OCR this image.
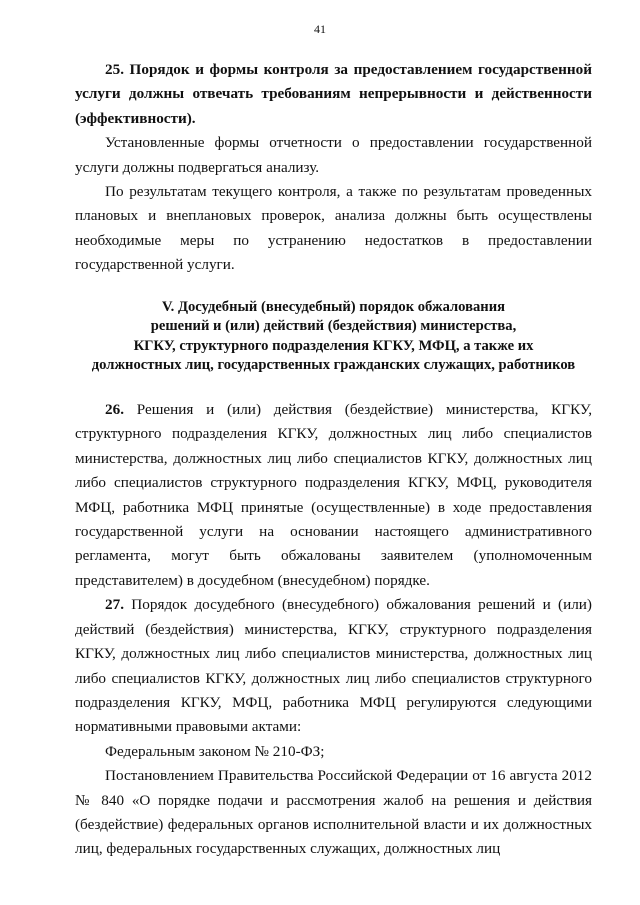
41

25. Порядок и формы контроля за предоставлением государственной услуги должны отвечать требованиям непрерывности и действенности (эффективности).

Установленные формы отчетности о предоставлении государственной услуги должны подвергаться анализу.

По результатам текущего контроля, а также по результатам проведенных плановых и внеплановых проверок, анализа должны быть осуществлены необходимые меры по устранению недостатков в предоставлении государственной услуги.

V. Досудебный (внесудебный) порядок обжалования
решений и (или) действий (бездействия) министерства,
КГКУ, структурного подразделения КГКУ, МФЦ, а также их
должностных лиц, государственных гражданских служащих, работников

26. Решения и (или) действия (бездействие) министерства, КГКУ, структурного подразделения КГКУ, должностных лиц либо специалистов министерства, должностных лиц либо специалистов КГКУ, должностных лиц либо специалистов структурного подразделения КГКУ, МФЦ, руководителя МФЦ, работника МФЦ принятые (осуществленные) в ходе предоставления государственной услуги на основании настоящего административного регламента, могут быть обжалованы заявителем (уполномоченным представителем) в досудебном (внесудебном) порядке.

27. Порядок досудебного (внесудебного) обжалования решений и (или) действий (бездействия) министерства, КГКУ, структурного подразделения КГКУ, должностных лиц либо специалистов министерства, должностных лиц либо специалистов КГКУ, должностных лиц либо специалистов структурного подразделения КГКУ, МФЦ, работника МФЦ регулируются следующими нормативными правовыми актами:

Федеральным законом № 210-ФЗ;

Постановлением Правительства Российской Федерации от 16 августа 2012 № 840 «О порядке подачи и рассмотрения жалоб на решения и действия (бездействие) федеральных органов исполнительной власти и их должностных лиц, федеральных государственных служащих, должностных лиц
